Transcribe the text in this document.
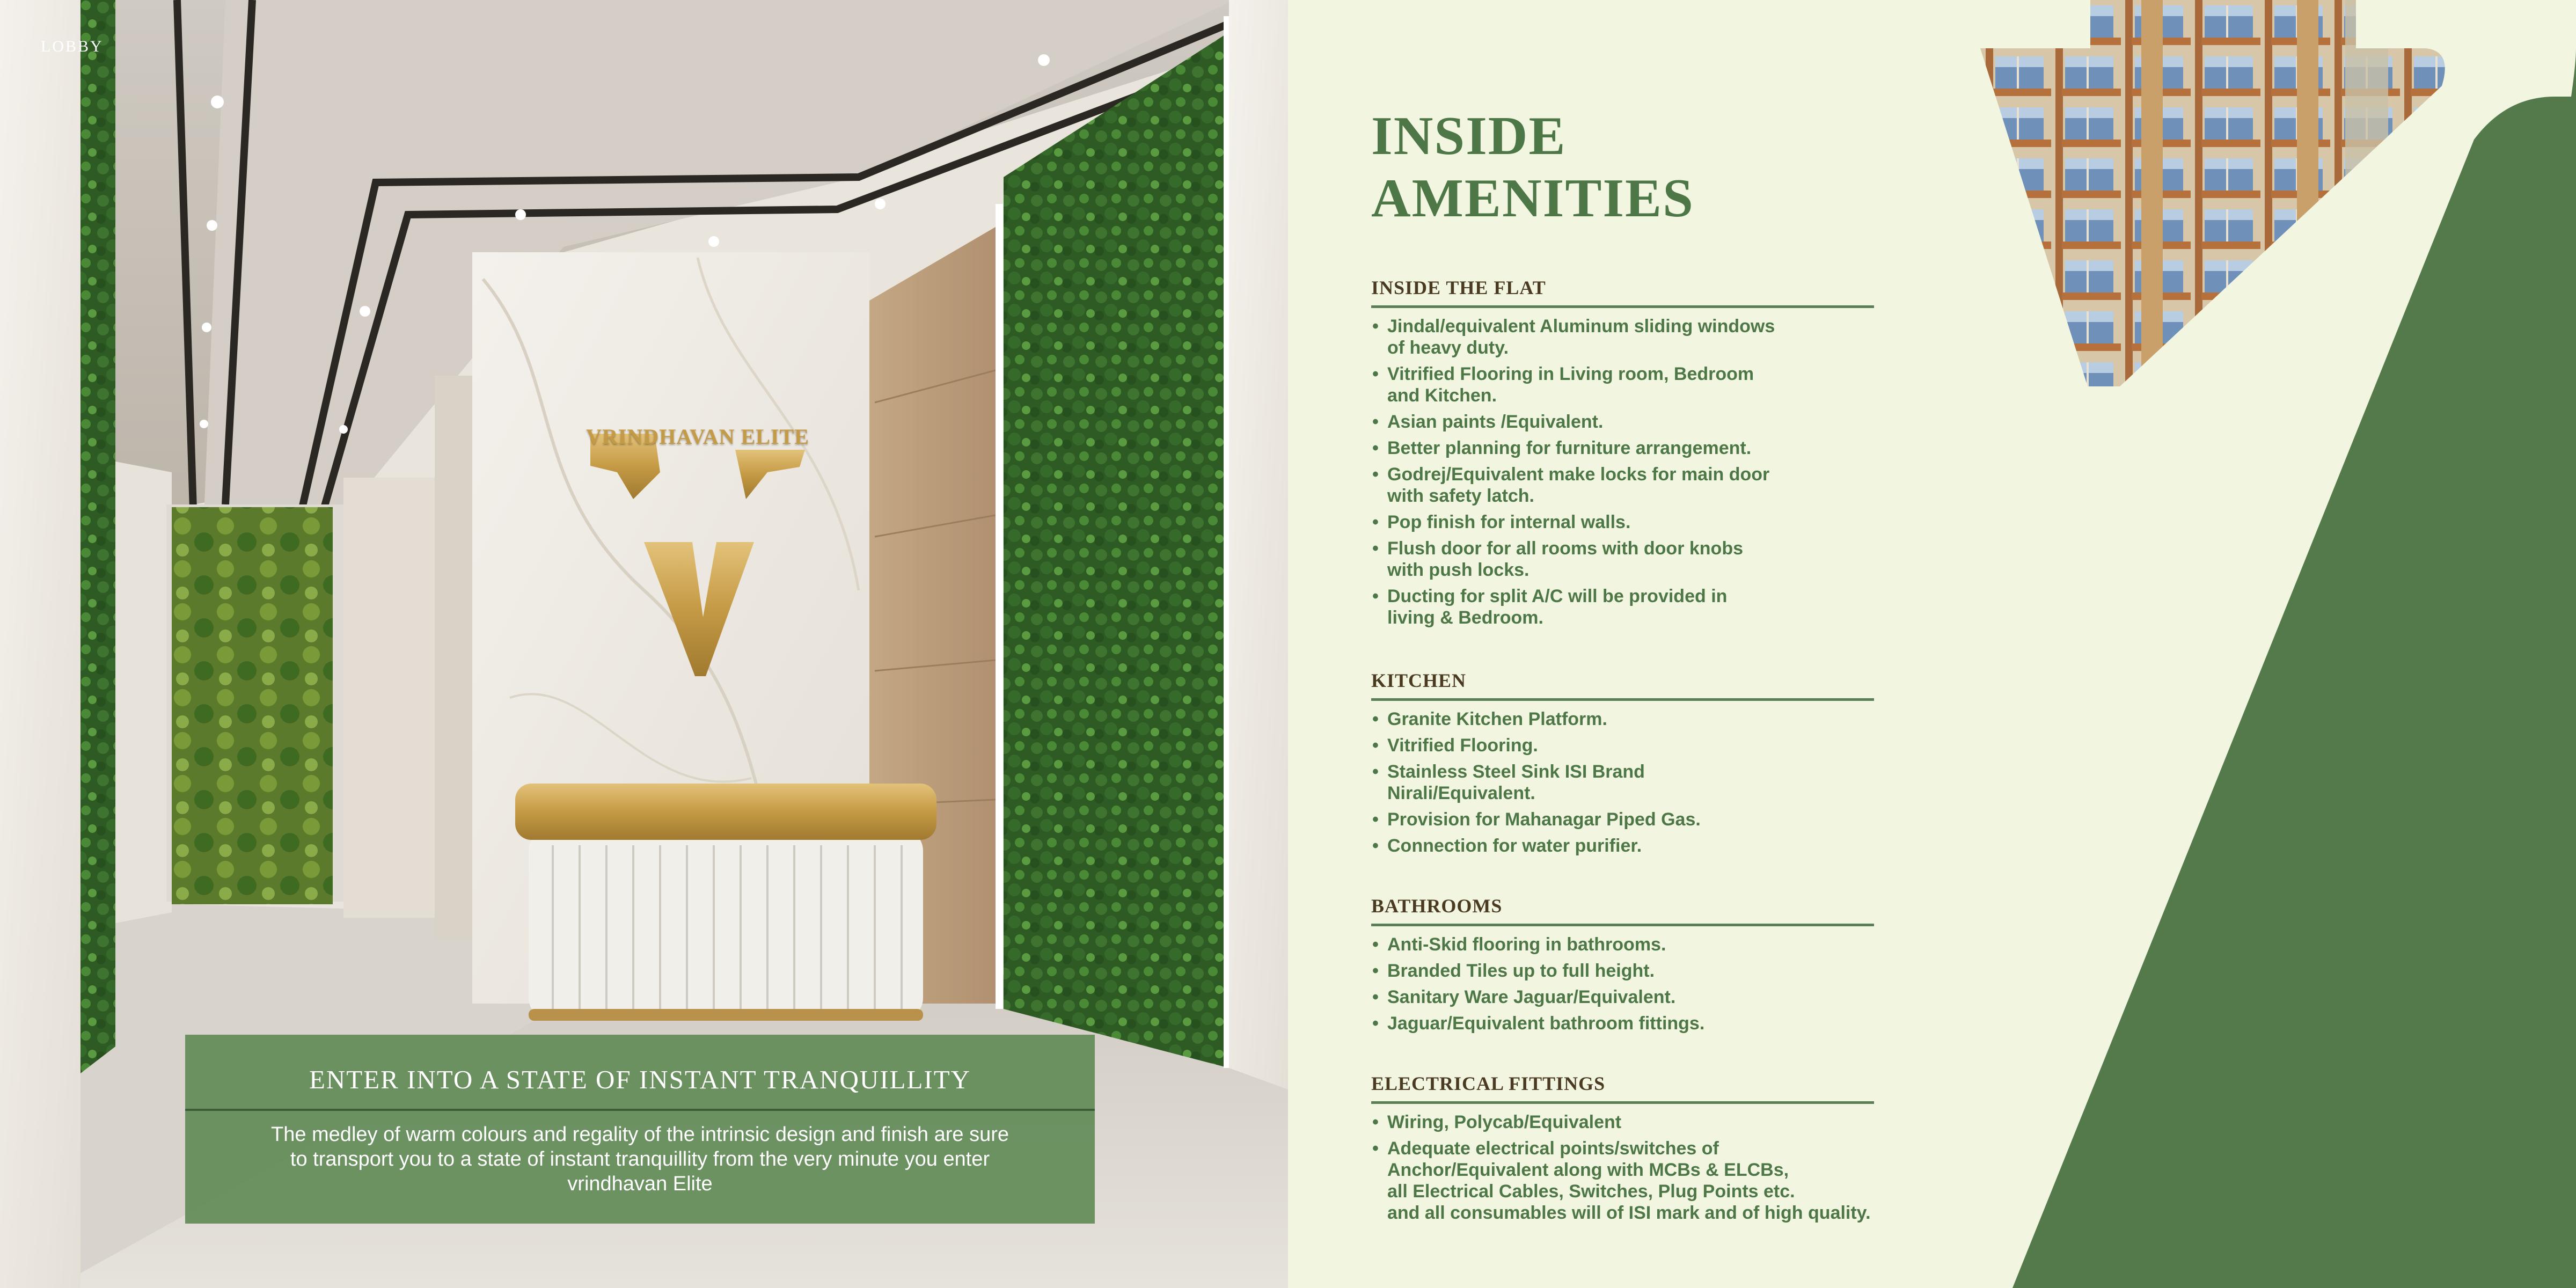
LOBBY
VRINDHAVAN ELITE
ENTER INTO A STATE OF INSTANT TRANQUILLITY
The medley of warm colours and regality of the intrinsic design and finish are sure to transport you to a state of instant tranquillity from the very minute you enter vrindhavan Elite
INSIDE
AMENITIES
INSIDE THE FLAT
• Jindal/equivalent Aluminum sliding windows
of heavy duty.
• Vitrified Flooring in Living room, Bedroom
and Kitchen.
• Asian paints /Equivalent.
• Better planning for furniture arrangement.
• Godrej/Equivalent make locks for main door
with safety latch.
• Pop finish for internal walls.
• Flush door for all rooms with door knobs
with push locks.
• Ducting for split A/C will be provided in
living & Bedroom.
KITCHEN
• Granite Kitchen Platform.
• Vitrified Flooring.
• Stainless Steel Sink ISI Brand
Nirali/Equivalent.
• Provision for Mahanagar Piped Gas.
• Connection for water purifier.
BATHROOMS
• Anti-Skid flooring in bathrooms.
• Branded Tiles up to full height.
• Sanitary Ware Jaguar/Equivalent.
• Jaguar/Equivalent bathroom fittings.
ELECTRICAL FITTINGS
• Wiring, Polycab/Equivalent
• Adequate electrical points/switches of
Anchor/Equivalent along with MCBs & ELCBs,
all Electrical Cables, Switches, Plug Points etc.
and all consumables will of ISI mark and of high quality.
